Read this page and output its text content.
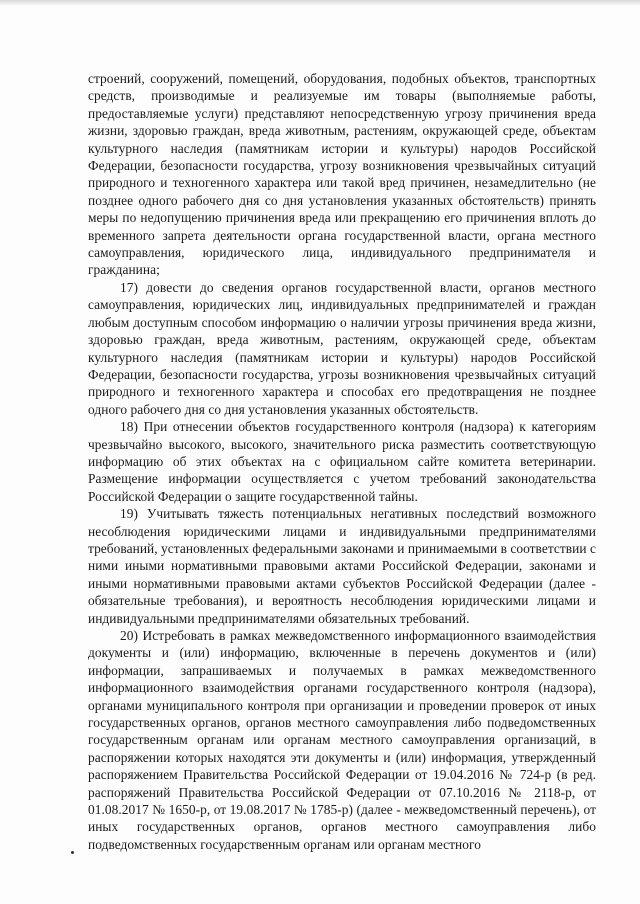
строений, сооружений, помещений, оборудования, подобных объектов, транспортных средств, производимые и реализуемые им товары (выполняемые работы, предоставляемые услуги) представляют непосредственную угрозу причинения вреда жизни, здоровью граждан, вреда животным, растениям, окружающей среде, объектам культурного наследия (памятникам истории и культуры) народов Российской Федерации, безопасности государства, угрозу возникновения чрезвычайных ситуаций природного и техногенного характера или такой вред причинен, незамедлительно (не позднее одного рабочего дня со дня установления указанных обстоятельств) принять меры по недопущению причинения вреда или прекращению его причинения вплоть до временного запрета деятельности органа государственной власти, органа местного самоуправления, юридического лица, индивидуального предпринимателя и гражданина;

17) довести до сведения органов государственной власти, органов местного самоуправления, юридических лиц, индивидуальных предпринимателей и граждан любым доступным способом информацию о наличии угрозы причинения вреда жизни, здоровью граждан, вреда животным, растениям, окружающей среде, объектам культурного наследия (памятникам истории и культуры) народов Российской Федерации, безопасности государства, угрозы возникновения чрезвычайных ситуаций природного и техногенного характера и способах его предотвращения не позднее одного рабочего дня со дня установления указанных обстоятельств.

18) При отнесении объектов государственного контроля (надзора) к категориям чрезвычайно высокого, высокого, значительного риска разместить соответствующую информацию об этих объектах на с официальном сайте комитета ветеринарии. Размещение информации осуществляется с учетом требований законодательства Российской Федерации о защите государственной тайны.

19) Учитывать тяжесть потенциальных негативных последствий возможного несоблюдения юридическими лицами и индивидуальными предпринимателями требований, установленных федеральными законами и принимаемыми в соответствии с ними иными нормативными правовыми актами Российской Федерации, законами и иными нормативными правовыми актами субъектов Российской Федерации (далее - обязательные требования), и вероятность несоблюдения юридическими лицами и индивидуальными предпринимателями обязательных требований.

20) Истребовать в рамках межведомственного информационного взаимодействия документы и (или) информацию, включенные в перечень документов и (или) информации, запрашиваемых и получаемых в рамках межведомственного информационного взаимодействия органами государственного контроля (надзора), органами муниципального контроля при организации и проведении проверок от иных государственных органов, органов местного самоуправления либо подведомственных государственным органам или органам местного самоуправления организаций, в распоряжении которых находятся эти документы и (или) информация, утвержденный распоряжением Правительства Российской Федерации от 19.04.2016 № 724-р (в ред. распоряжений Правительства Российской Федерации от 07.10.2016 № 2118-р, от 01.08.2017 № 1650-р, от 19.08.2017 № 1785-р) (далее - межведомственный перечень), от иных государственных органов, органов местного самоуправления либо подведомственных государственным органам или органам местного
